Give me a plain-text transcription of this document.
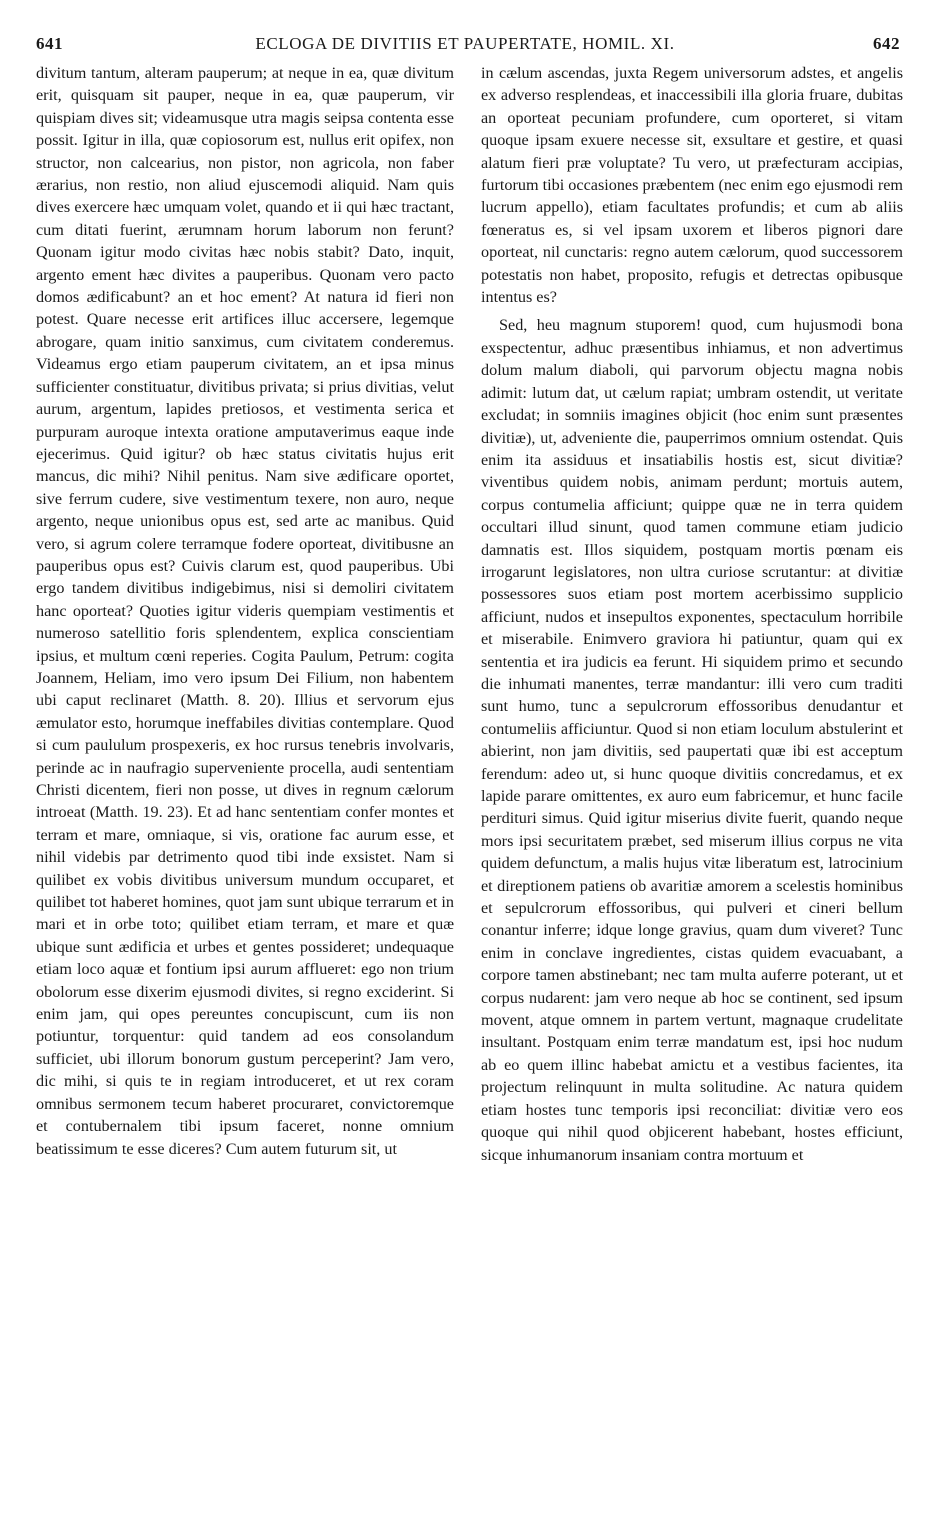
641	ECLOGA DE DIVITIIS ET PAUPERTATE, HOMIL. XI.	642

divitum tantum, alteram pauperum; at neque in ea, quæ divitum erit, quisquam sit pauper, neque in ea, quæ pauperum, vir quispiam dives sit; videamusque utra magis seipsa contenta esse possit. Igitur in illa, quæ copiosorum est, nullus erit opifex, non structor, non calcearius, non pistor, non agricola, non faber ærarius, non restio, non aliud ejuscemodi aliquid. Nam quis dives exercere hæc umquam volet, quando et ii qui hæc tractant, cum ditati fuerint, ærumnam horum laborum non ferunt? Quonam igitur modo civitas hæc nobis stabit? Dato, inquit, argento ement hæc divites a pauperibus. Quonam vero pacto domos ædificabunt? an et hoc ement? At natura id fieri non potest. Quare necesse erit artifices illuc accersere, legemque abrogare, quam initio sanximus, cum civitatem conderemus. Videamus ergo etiam pauperum civitatem, an et ipsa minus sufficienter constituatur, divitibus privata; si prius divitias, velut aurum, argentum, lapides pretiosos, et vestimenta serica et purpuram auroque intexta oratione amputaverimus eaque inde ejecerimus. Quid igitur? ob hæc status civitatis hujus erit mancus, dic mihi? Nihil penitus. Nam sive ædificare oportet, sive ferrum cudere, sive vestimentum texere, non auro, neque argento, neque unionibus opus est, sed arte ac manibus. Quid vero, si agrum colere terramque fodere oporteat, divitibusne an pauperibus opus est? Cuivis clarum est, quod pauperibus. Ubi ergo tandem divitibus indigebimus, nisi si demoliri civitatem hanc oporteat? Quoties igitur videris quempiam vestimentis et numeroso satellitio foris splendentem, explica conscientiam ipsius, et multum cœni reperies. Cogita Paulum, Petrum: cogita Joannem, Heliam, imo vero ipsum Dei Filium, non habentem ubi caput reclinaret (Matth. 8. 20). Illius et servorum ejus æmulator esto, horumque ineffabiles divitias contemplare. Quod si cum paululum prospexeris, ex hoc rursus tenebris involvaris, perinde ac in naufragio superveniente procella, audi sententiam Christi dicentem, fieri non posse, ut dives in regnum cælorum introeat (Matth. 19. 23). Et ad hanc sententiam confer montes et terram et mare, omniaque, si vis, oratione fac aurum esse, et nihil videbis par detrimento quod tibi inde exsistet. Nam si quilibet ex vobis divitibus universum mundum occuparet, et quilibet tot haberet homines, quot jam sunt ubique terrarum et in mari et in orbe toto; quilibet etiam terram, et mare et quæ ubique sunt ædificia et urbes et gentes possideret; undequaque etiam loco aquæ et fontium ipsi aurum afflueret: ego non trium obolorum esse dixerim ejusmodi divites, si regno exciderint. Si enim jam, qui opes pereuntes concupiscunt, cum iis non potiuntur, torquentur: quid tandem ad eos consolandum sufficiet, ubi illorum bonorum gustum perceperint? Jam vero, dic mihi, si quis te in regiam introduceret, et ut rex coram omnibus sermonem tecum haberet procuraret, convictoremque et contubernalem tibi ipsum faceret, nonne omnium beatissimum te esse diceres? Cum autem futurum sit, ut

in cælum ascendas, juxta Regem universorum adstes, et angelis ex adverso resplendeas, et inaccessibili illa gloria fruare, dubitas an oporteat pecuniam profundere, cum oporteret, si vitam quoque ipsam exuere necesse sit, exsultare et gestire, et quasi alatum fieri præ voluptate? Tu vero, ut præfecturam accipias, furtorum tibi occasiones præbentem (nec enim ego ejusmodi rem lucrum appello), etiam facultates profundis; et cum ab aliis fœneratus es, si vel ipsam uxorem et liberos pignori dare oporteat, nil cunctaris: regno autem cælorum, quod successorem potestatis non habet, proposito, refugis et detrectas opibusque intentus es?

Sed, heu magnum stuporem! quod, cum hujusmodi bona exspectentur, adhuc præsentibus inhiamus, et non advertimus dolum malum diaboli, qui parvorum objectu magna nobis adimit: lutum dat, ut cælum rapiat; umbram ostendit, ut veritate excludat; in somniis imagines objicit (hoc enim sunt præsentes divitiæ), ut, adveniente die, pauperrimos omnium ostendat. Quis enim ita assiduus et insatiabilis hostis est, sicut divitiæ? viventibus quidem nobis, animam perdunt; mortuis autem, corpus contumelia afficiunt; quippe quæ ne in terra quidem occultari illud sinunt, quod tamen commune etiam judicio damnatis est. Illos siquidem, postquam mortis pœnam eis irrogarunt legislatores, non ultra curiose scrutantur: at divitiæ possessores suos etiam post mortem acerbissimo supplicio afficiunt, nudos et insepultos exponentes, spectaculum horribile et miserabile. Enimvero graviora hi patiuntur, quam qui ex sententia et ira judicis ea ferunt. Hi siquidem primo et secundo die inhumati manentes, terræ mandantur: illi vero cum traditi sunt humo, tunc a sepulcrorum effossoribus denudantur et contumeliis afficiuntur. Quod si non etiam loculum abstulerint et abierint, non jam divitiis, sed paupertati quæ ibi est acceptum ferendum: adeo ut, si hunc quoque divitiis concredamus, et ex lapide parare omittentes, ex auro eum fabricemur, et hunc facile perdituri simus. Quid igitur miserius divite fuerit, quando neque mors ipsi securitatem præbet, sed miserum illius corpus ne vita quidem defunctum, a malis hujus vitæ liberatum est, latrocinium et direptionem patiens ob avaritiæ amorem a scelestis hominibus et sepulcrorum effossoribus, qui pulveri et cineri bellum conantur inferre; idque longe gravius, quam dum viveret? Tunc enim in conclave ingredientes, cistas quidem evacuabant, a corpore tamen abstinebant; nec tam multa auferre poterant, ut et corpus nudarent: jam vero neque ab hoc se continent, sed ipsum movent, atque omnem in partem vertunt, magnaque crudelitate insultant. Postquam enim terræ mandatum est, ipsi hoc nudum ab eo quem illinc habebat amictu et a vestibus facientes, ita projectum relinquunt in multa solitudine. Ac natura quidem etiam hostes tunc temporis ipsi reconciliat: divitiæ vero eos quoque qui nihil quod objicerent habebant, hostes efficiunt, sicque inhumanorum insaniam contra mortuum et
